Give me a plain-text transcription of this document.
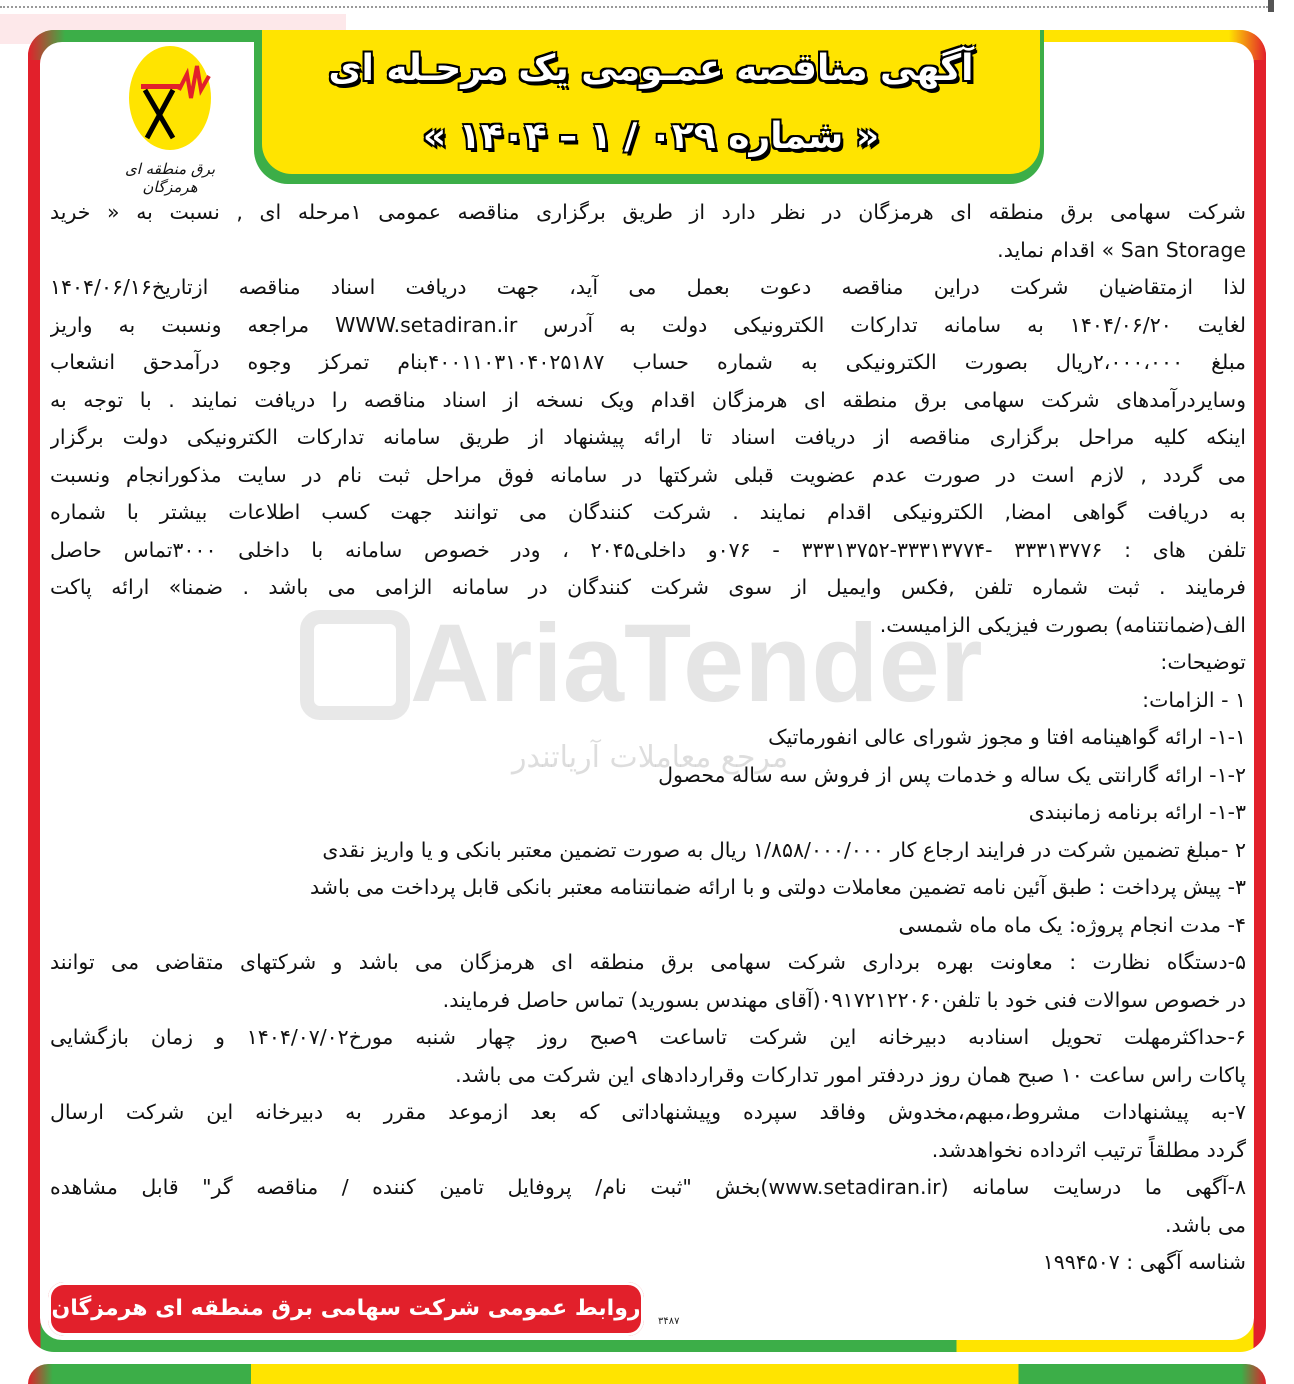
آگهی مناقصه عمـومی یک مرحـله ای
« شماره ۰۲۹ / ۱ – ۱۴۰۴ »
برق منطقه ای هرمزگان
AriaTender
مرجع معاملات آریاتندر
شرکت سهامی برق منطقه ای هرمزگان در نظر دارد از طریق برگزاری مناقصه عمومی ۱مرحله ای , نسبت به « خرید
San Storage » اقدام نماید.
لذا ازمتقاضیان شرکت دراین مناقصه دعوت بعمل می آید، جهت دریافت اسناد مناقصه ازتاریخ۱۴۰۴/۰۶/۱۶
لغایت ۱۴۰۴/۰۶/۲۰ به سامانه تدارکات الکترونیکی دولت به آدرس WWW.setadiran.ir مراجعه ونسبت به واریز
مبلغ ۲،۰۰۰،۰۰۰ریال بصورت الکترونیکی به شماره حساب ۴۰۰۱۱۰۳۱۰۴۰۲۵۱۸۷بنام تمرکز وجوه درآمدحق انشعاب
وسایردرآمدهای شرکت سهامی برق منطقه ای هرمزگان اقدام ویک نسخه از اسناد مناقصه را دریافت نمایند . با توجه به
اینکه کلیه مراحل برگزاری مناقصه از دریافت اسناد تا ارائه پیشنهاد از طریق سامانه تدارکات الکترونیکی دولت برگزار
می گردد , لازم است در صورت عدم عضویت قبلی شرکتها در سامانه فوق مراحل ثبت نام در سایت مذکورانجام ونسبت
به دریافت گواهی امضا, الکترونیکی اقدام نمایند . شرکت کنندگان می توانند جهت کسب اطلاعات بیشتر با شماره
تلفن های : ۳۳۳۱۳۷۷۶ -۳۳۳۱۳۷۷۴-۳۳۳۱۳۷۵۲ - ۰۷۶و داخلی۲۰۴۵ ، ودر خصوص سامانه با داخلی ۳۰۰۰تماس حاصل
فرمایند . ثبت شماره تلفن ,فکس وایمیل از سوی شرکت کنندگان در سامانه الزامی می باشد . ضمنا» ارائه پاکت
الف(ضمانتنامه) بصورت فیزیکی الزامیست.
توضیحات:
۱ - الزامات:
۱-۱- ارائه گواهینامه افتا و مجوز شورای عالی انفورماتیک
۱-۲- ارائه گارانتی یک ساله و خدمات پس از فروش سه ساله محصول
۱-۳- ارائه برنامه زمانبندی
۲ -مبلغ تضمین شرکت در فرایند ارجاع کار ۱/۸۵۸/۰۰۰/۰۰۰ ریال به صورت تضمین معتبر بانکی و یا واریز نقدی
۳- پیش پرداخت : طبق آئین نامه تضمین معاملات دولتی و با ارائه ضمانتنامه معتبر بانکی قابل پرداخت می باشد
۴- مدت انجام پروژه: یک ماه ماه شمسی
۵-دستگاه نظارت : معاونت بهره برداری شرکت سهامی برق منطقه ای هرمزگان می باشد و شرکتهای متقاضی می توانند
در خصوص سوالات فنی خود با تلفن۰۹۱۷۲۱۲۲۰۶۰(آقای مهندس بسورید) تماس حاصل فرمایند.
۶-حداکثرمهلت تحویل اسنادبه دبیرخانه این شرکت تاساعت ۹صبح روز چهار شنبه مورخ۱۴۰۴/۰۷/۰۲ و زمان بازگشایی
پاکات راس ساعت ۱۰ صبح همان روز دردفتر امور تدارکات وقراردادهای این شرکت می باشد.
۷-به پیشنهادات مشروط،مبهم،مخدوش وفاقد سپرده وپیشنهاداتی که بعد ازموعد مقرر به دبیرخانه این شرکت ارسال
گردد مطلقاً ترتیب اثرداده نخواهدشد.
۸-آگهی ما درسایت سامانه (www.setadiran.ir)بخش "ثبت نام/ پروفایل تامین کننده / مناقصه گر" قابل مشاهده
می باشد.
شناسه آگهی : ۱۹۹۴۵۰۷
روابط عمومی شرکت سهامی برق منطقه ای هرمزگان
۳۴۸۷
